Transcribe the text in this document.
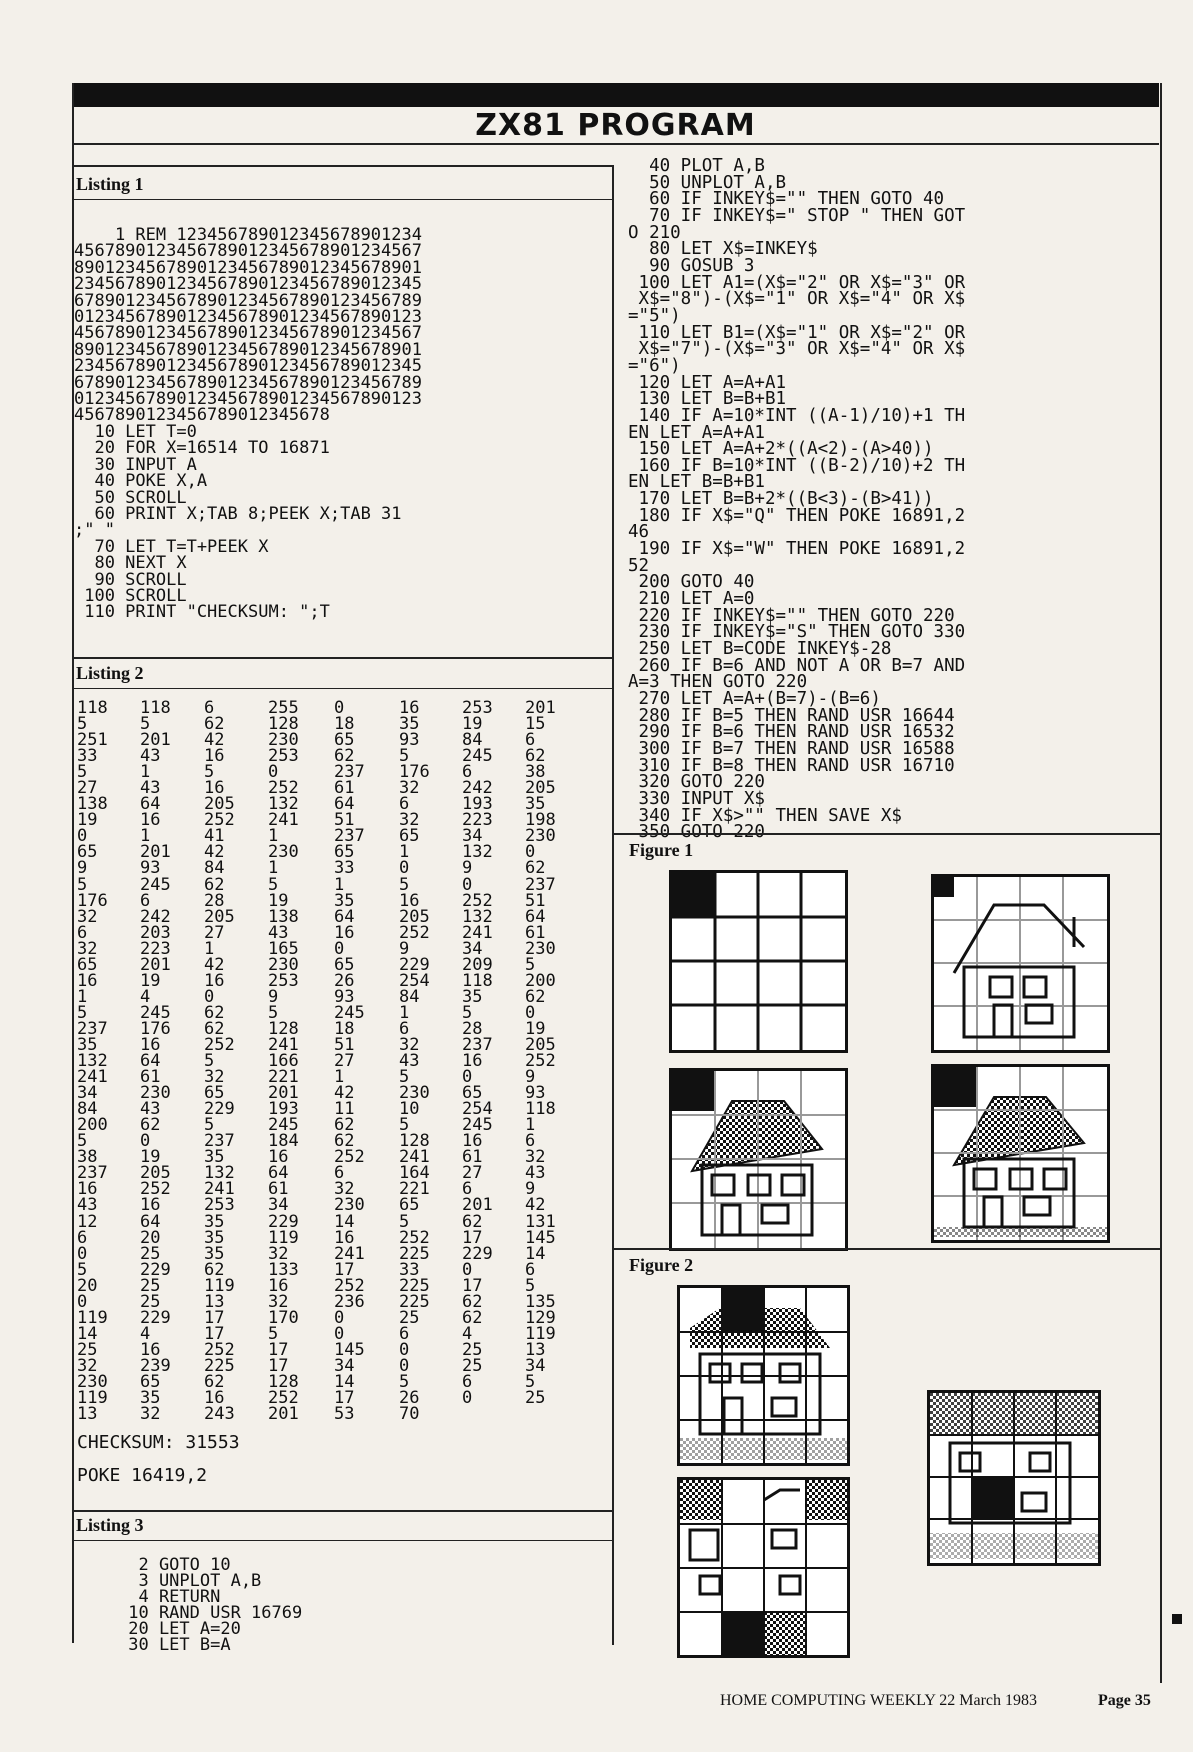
ZX81 PROGRAM
Listing 1
1 REM 123456789012345678901234
4567890123456789012345678901234567
8901234567890123456789012345678901
2345678901234567890123456789012345
6789012345678901234567890123456789
0123456789012345678901234567890123
4567890123456789012345678901234567
8901234567890123456789012345678901
2345678901234567890123456789012345
6789012345678901234567890123456789
0123456789012345678901234567890123
4567890123456789012345678
10 LET T=0
20 FOR X=16514 TO 16871
30 INPUT A
40 POKE X,A
50 SCROLL
60 PRINT X;TAB 8;PEEK X;TAB 31
;" "
70 LET T=T+PEEK X
80 NEXT X
90 SCROLL
100 SCROLL
110 PRINT "CHECKSUM: ";T
Listing 2
118
5
251
33
5
27
138
19
0
65
9
5
176
32
6
32
65
16
1
5
237
35
132
241
34
84
200
5
38
237
16
43
12
6
0
5
20
0
119
14
25
32
230
119
13
118
5
201
43
1
43
64
16
1
201
93
245
6
242
203
223
201
19
4
245
176
16
64
61
230
43
62
0
19
205
252
16
64
20
25
229
25
25
229
4
16
239
65
35
32
6
62
42
16
5
16
205
252
41
42
84
62
28
205
27
1
42
16
0
62
62
252
5
32
65
229
5
237
35
132
241
253
35
35
35
62
119
13
17
17
252
225
62
16
243
255
128
230
253
0
252
132
241
1
230
1
5
19
138
43
165
230
253
9
5
128
241
166
221
201
193
245
184
16
64
61
34
229
119
32
133
16
32
170
5
17
17
128
252
201
0
18
65
62
237
61
64
51
237
65
33
1
35
64
16
0
65
26
93
245
18
51
27
1
42
11
62
62
252
6
32
230
14
16
241
17
252
236
0
0
145
34
14
17
53
16
35
93
5
176
32
6
32
65
1
0
5
16
205
252
9
229
254
84
1
6
32
43
5
230
10
5
128
241
164
221
65
5
252
225
33
225
225
25
6
0
0
5
26
70
253
19
84
245
6
242
193
223
34
132
9
0
252
132
241
34
209
118
35
5
28
237
16
0
65
254
245
16
61
27
6
201
62
17
229
0
17
62
62
4
25
25
6
0

201
15
6
62
38
205
35
198
230
0
62
237
51
64
61
230
5
200
62
0
19
205
252
9
93
118
1
6
32
43
9
42
131
145
14
6
5
135
129
119
13
34
5
25

CHECKSUM: 31553
POKE 16419,2
Listing 3
2 GOTO 10
3 UNPLOT A,B
4 RETURN
10 RAND USR 16769
20 LET A=20
30 LET B=A
40 PLOT A,B
50 UNPLOT A,B
60 IF INKEY$="" THEN GOTO 40
70 IF INKEY$=" STOP " THEN GOT
O 210
80 LET X$=INKEY$
90 GOSUB 3
100 LET A1=(X$="2" OR X$="3" OR
X$="8")-(X$="1" OR X$="4" OR X$
="5")
110 LET B1=(X$="1" OR X$="2" OR
X$="7")-(X$="3" OR X$="4" OR X$
="6")
120 LET A=A+A1
130 LET B=B+B1
140 IF A=10*INT ((A-1)/10)+1 TH
EN LET A=A+A1
150 LET A=A+2*((A<2)-(A>40))
160 IF B=10*INT ((B-2)/10)+2 TH
EN LET B=B+B1
170 LET B=B+2*((B<3)-(B>41))
180 IF X$="Q" THEN POKE 16891,2
46
190 IF X$="W" THEN POKE 16891,2
52
200 GOTO 40
210 LET A=0
220 IF INKEY$="" THEN GOTO 220
230 IF INKEY$="S" THEN GOTO 330
250 LET B=CODE INKEY$-28
260 IF B=6 AND NOT A OR B=7 AND
A=3 THEN GOTO 220
270 LET A=A+(B=7)-(B=6)
280 IF B=5 THEN RAND USR 16644
290 IF B=6 THEN RAND USR 16532
300 IF B=7 THEN RAND USR 16588
310 IF B=8 THEN RAND USR 16710
320 GOTO 220
330 INPUT X$
340 IF X$>"" THEN SAVE X$

Figure 1
Figure 2
HOME COMPUTING WEEKLY 22 March 1983	Page 35
